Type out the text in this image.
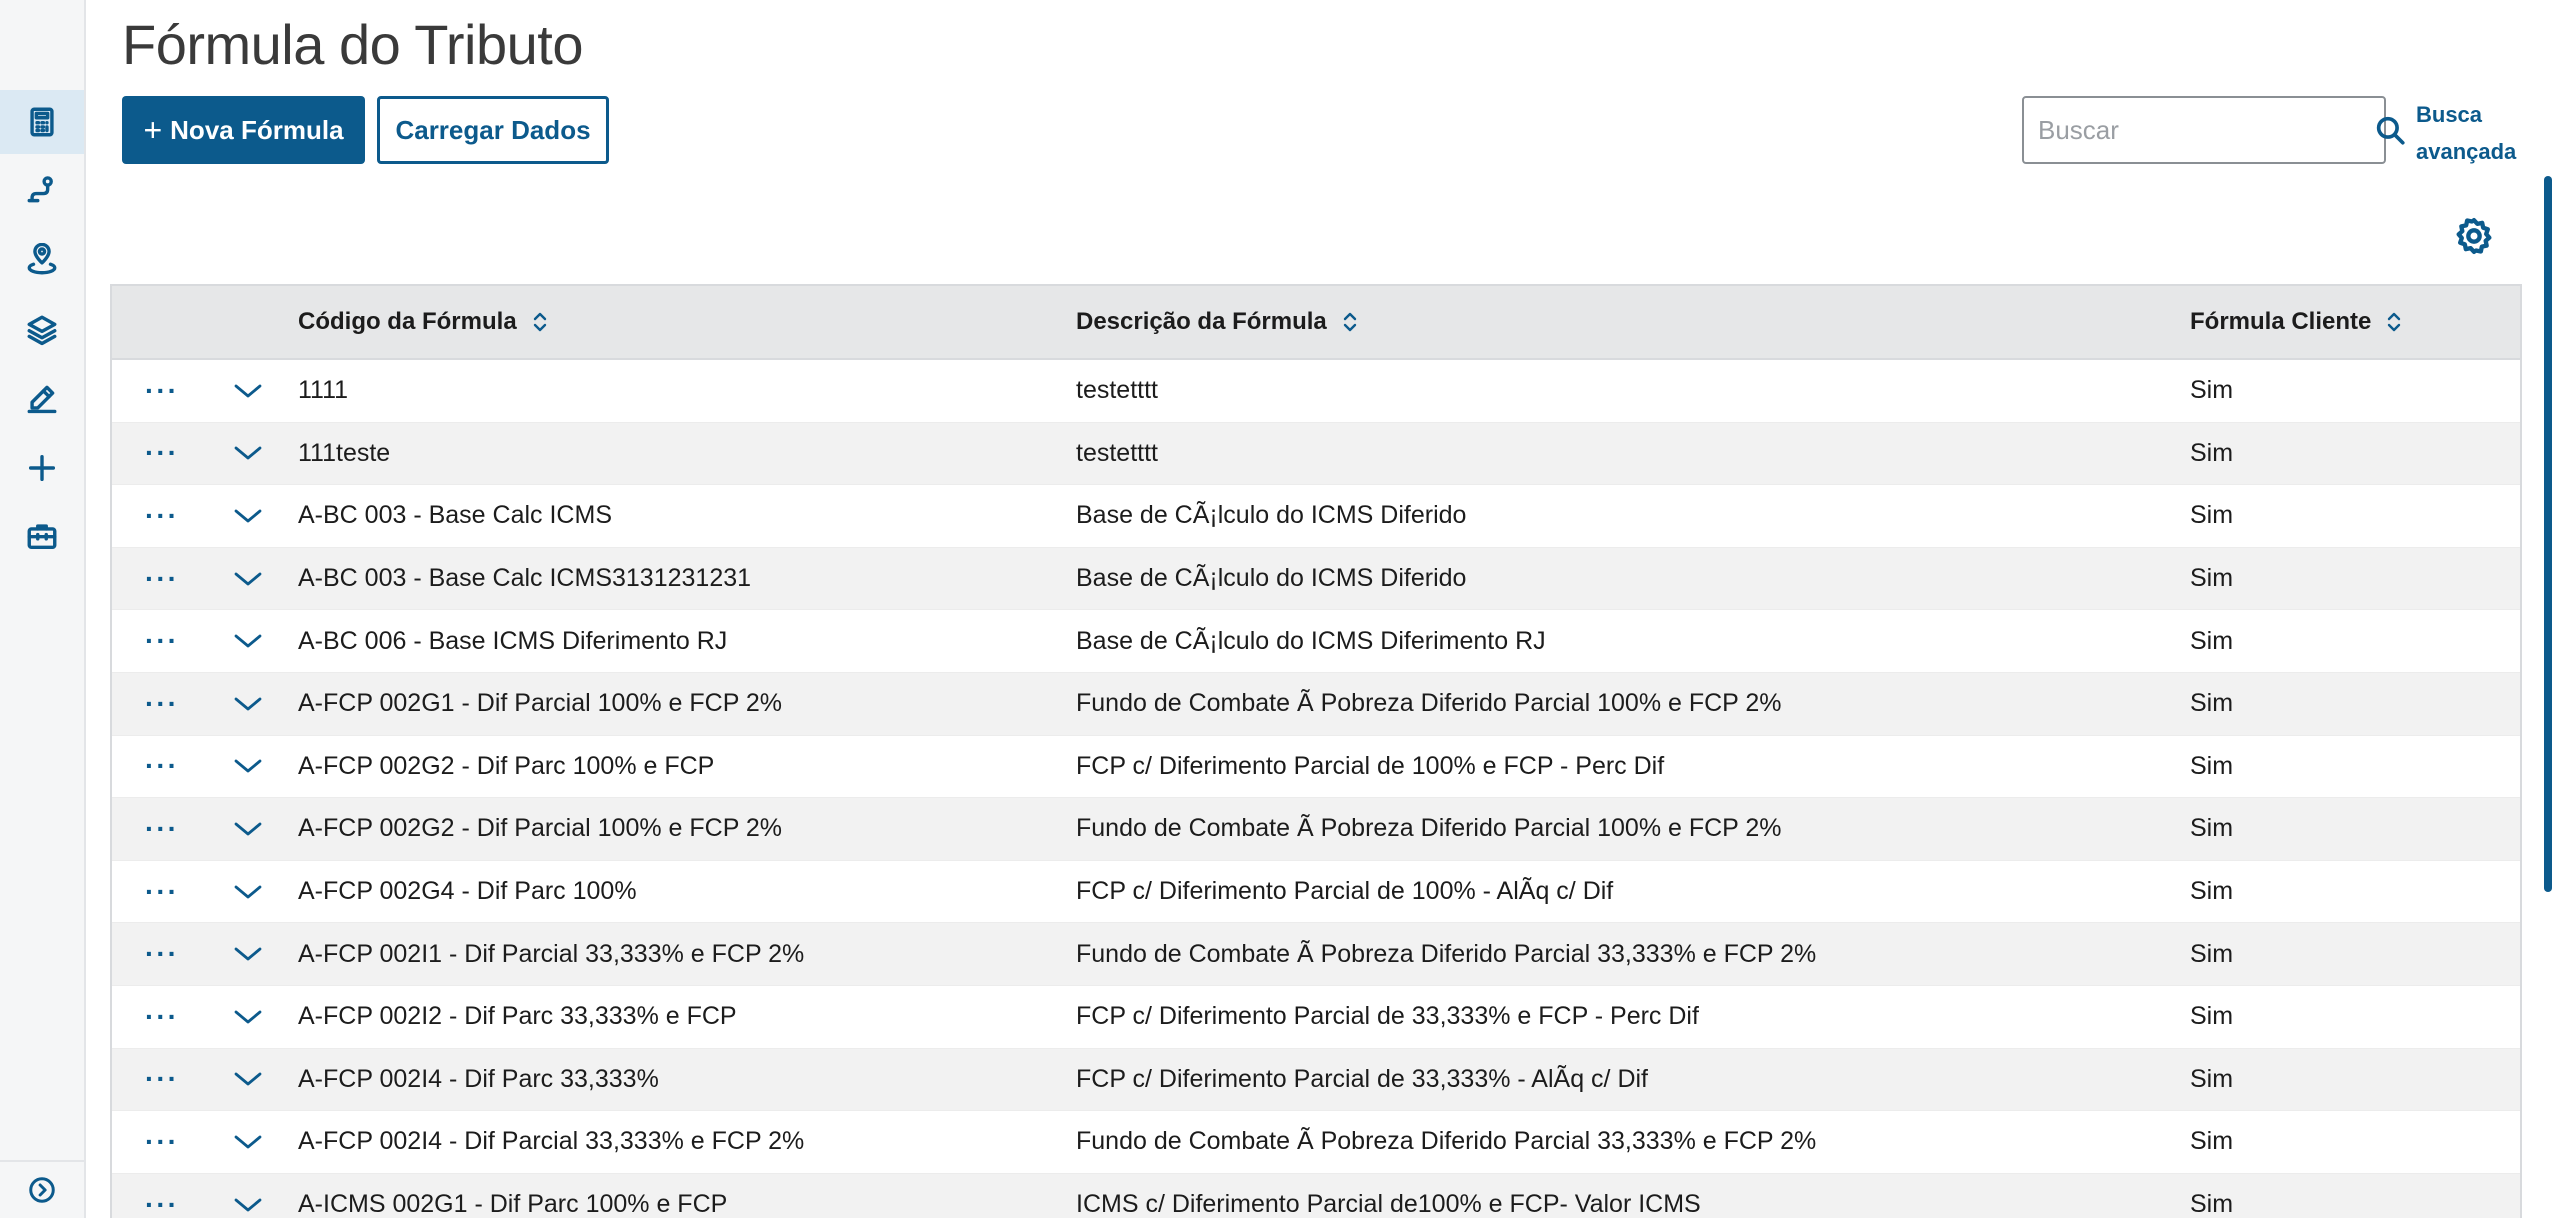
Fórmula do Tributo
+ Nova Fórmula	Carregar Dados
Buscar	Busca
avançada
Código da Fórmula	Descrição da Fórmula	Fórmula Cliente
···	1111	testetttt	Sim
···	111teste	testetttt	Sim
···	A-BC 003 - Base Calc ICMS	Base de CÃ¡lculo do ICMS Diferido	Sim
···	A-BC 003 - Base Calc ICMS3131231231	Base de CÃ¡lculo do ICMS Diferido	Sim
···	A-BC 006 - Base ICMS Diferimento RJ	Base de CÃ¡lculo do ICMS Diferimento RJ	Sim
···	A-FCP 002G1 - Dif Parcial 100% e FCP 2%	Fundo de Combate Ã Pobreza Diferido Parcial 100% e FCP 2%	Sim
···	A-FCP 002G2 - Dif Parc 100% e FCP	FCP c/ Diferimento Parcial de 100% e FCP - Perc Dif	Sim
···	A-FCP 002G2 - Dif Parcial 100% e FCP 2%	Fundo de Combate Ã Pobreza Diferido Parcial 100% e FCP 2%	Sim
···	A-FCP 002G4 - Dif Parc 100%	FCP c/ Diferimento Parcial de 100% - AlÃq c/ Dif	Sim
···	A-FCP 002I1 - Dif Parcial 33,333% e FCP 2%	Fundo de Combate Ã Pobreza Diferido Parcial 33,333% e FCP 2%	Sim
···	A-FCP 002I2 - Dif Parc 33,333% e FCP	FCP c/ Diferimento Parcial de 33,333% e FCP - Perc Dif	Sim
···	A-FCP 002I4 - Dif Parc 33,333%	FCP c/ Diferimento Parcial de 33,333% - AlÃq c/ Dif	Sim
···	A-FCP 002I4 - Dif Parcial 33,333% e FCP 2%	Fundo de Combate Ã Pobreza Diferido Parcial 33,333% e FCP 2%	Sim
···	A-ICMS 002G1 - Dif Parc 100% e FCP	ICMS c/ Diferimento Parcial de100% e FCP- Valor ICMS	Sim
